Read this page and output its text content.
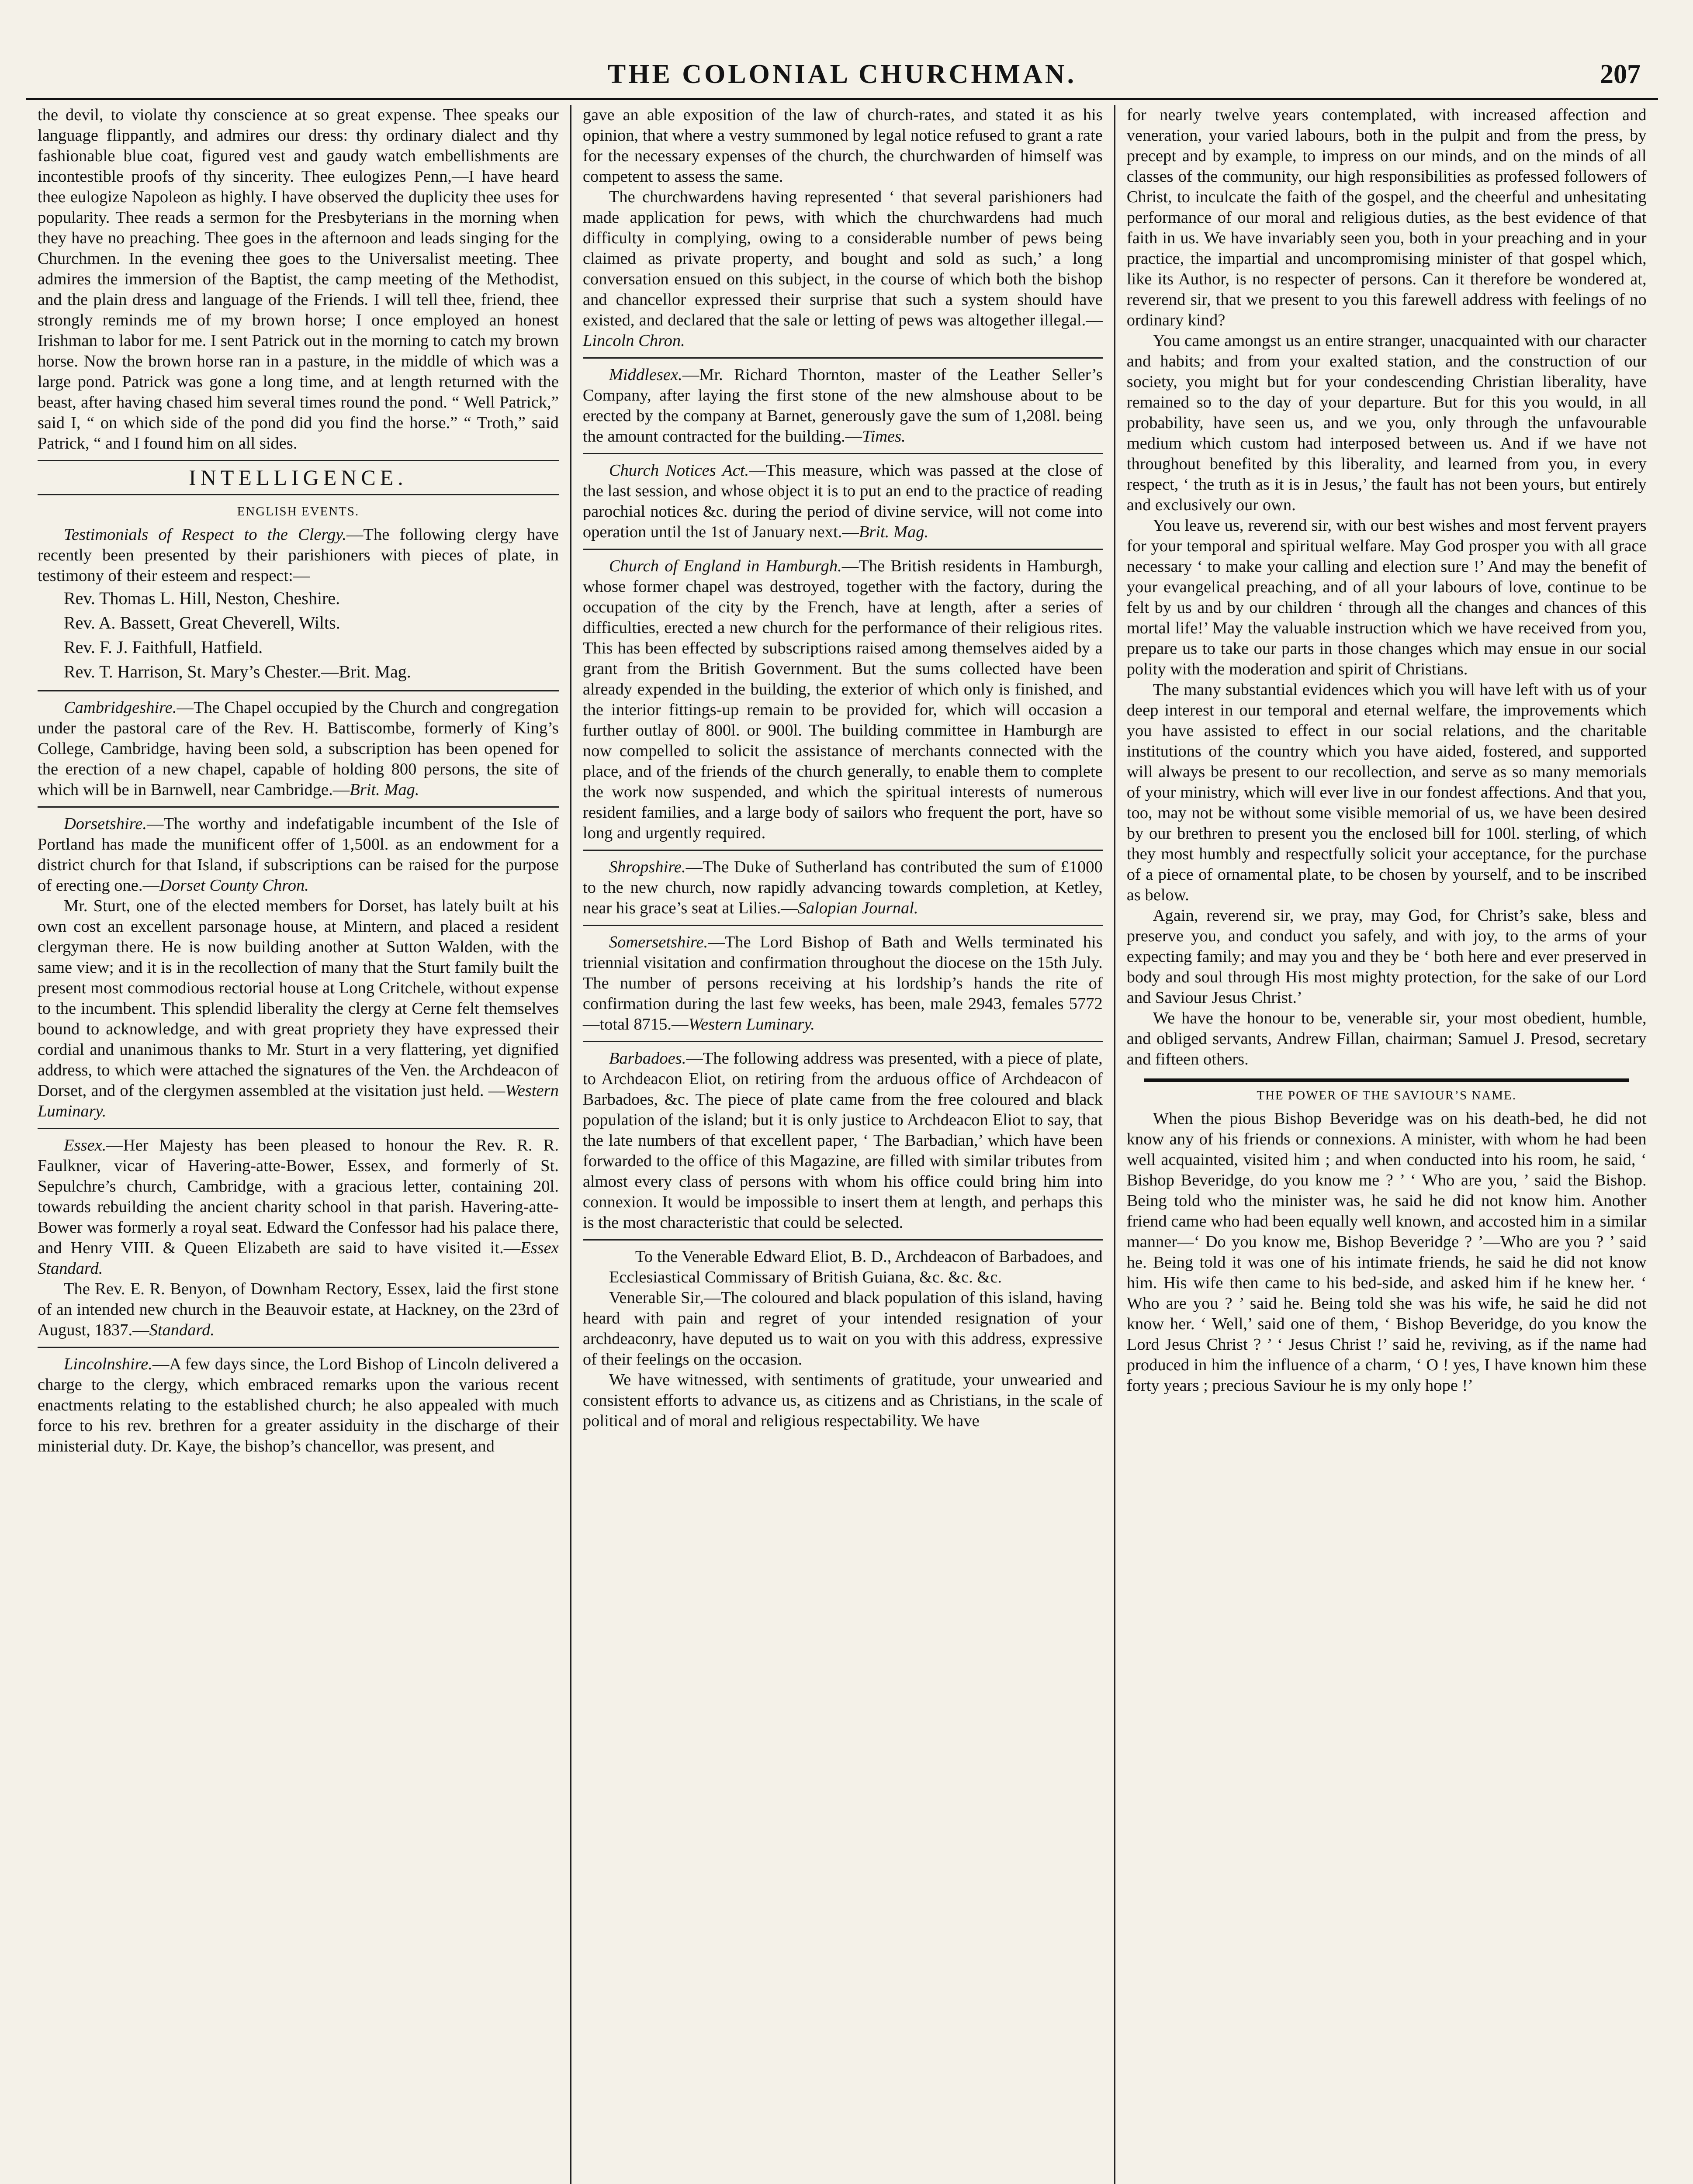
THE COLONIAL CHURCHMAN.	207

the devil, to violate thy conscience at so great expense. Thee speaks our language flippantly, and admires our dress: thy ordinary dialect and thy fashionable blue coat, figured vest and gaudy watch embellishments are incontestible proofs of thy sincerity. Thee eulogizes Penn,—I have heard thee eulogize Napoleon as highly. I have observed the duplicity thee uses for popularity. Thee reads a sermon for the Presbyterians in the morning when they have no preaching. Thee goes in the afternoon and leads singing for the Churchmen. In the evening thee goes to the Universalist meeting. Thee admires the immersion of the Baptist, the camp meeting of the Methodist, and the plain dress and language of the Friends. I will tell thee, friend, thee strongly reminds me of my brown horse; I once employed an honest Irishman to labor for me. I sent Patrick out in the morning to catch my brown horse. Now the brown horse ran in a pasture, in the middle of which was a large pond. Patrick was gone a long time, and at length returned with the beast, after having chased him several times round the pond. “ Well Patrick,” said I, “ on which side of the pond did you find the horse.” “ Troth,” said Patrick, “ and I found him on all sides.

INTELLIGENCE.
ENGLISH EVENTS.

Testimonials of Respect to the Clergy.—The following clergy have recently been presented by their parishioners with pieces of plate, in testimony of their esteem and respect:—

Rev. Thomas L. Hill, Neston, Cheshire.
Rev. A. Bassett, Great Cheverell, Wilts.
Rev. F. J. Faithfull, Hatfield.
Rev. T. Harrison, St. Mary’s Chester.—Brit. Mag.

Cambridgeshire.—The Chapel occupied by the Church and congregation under the pastoral care of the Rev. H. Battiscombe, formerly of King’s College, Cambridge, having been sold, a subscription has been opened for the erection of a new chapel, capable of holding 800 persons, the site of which will be in Barnwell, near Cambridge.—Brit. Mag.

Dorsetshire.—The worthy and indefatigable incumbent of the Isle of Portland has made the munificent offer of 1,500l. as an endowment for a district church for that Island, if subscriptions can be raised for the purpose of erecting one.—Dorset County Chron.

Mr. Sturt, one of the elected members for Dorset, has lately built at his own cost an excellent parsonage house, at Mintern, and placed a resident clergyman there. He is now building another at Sutton Walden, with the same view; and it is in the recollection of many that the Sturt family built the present most commodious rectorial house at Long Critchele, without expense to the incumbent. This splendid liberality the clergy at Cerne felt themselves bound to acknowledge, and with great propriety they have expressed their cordial and unanimous thanks to Mr. Sturt in a very flattering, yet dignified address, to which were attached the signatures of the Ven. the Archdeacon of Dorset, and of the clergymen assembled at the visitation just held. —Western Luminary.

Essex.—Her Majesty has been pleased to honour the Rev. R. R. Faulkner, vicar of Havering-atte-Bower, Essex, and formerly of St. Sepulchre’s church, Cambridge, with a gracious letter, containing 20l. towards rebuilding the ancient charity school in that parish. Havering-atte-Bower was formerly a royal seat. Edward the Confessor had his palace there, and Henry VIII. & Queen Elizabeth are said to have visited it.—Essex Standard.

The Rev. E. R. Benyon, of Downham Rectory, Essex, laid the first stone of an intended new church in the Beauvoir estate, at Hackney, on the 23rd of August, 1837.—Standard.

Lincolnshire.—A few days since, the Lord Bishop of Lincoln delivered a charge to the clergy, which embraced remarks upon the various recent enactments relating to the established church; he also appealed with much force to his rev. brethren for a greater assiduity in the discharge of their ministerial duty. Dr. Kaye, the bishop’s chancellor, was present, and

gave an able exposition of the law of church-rates, and stated it as his opinion, that where a vestry summoned by legal notice refused to grant a rate for the necessary expenses of the church, the churchwarden of himself was competent to assess the same.

The churchwardens having represented ‘ that several parishioners had made application for pews, with which the churchwardens had much difficulty in complying, owing to a considerable number of pews being claimed as private property, and bought and sold as such,’ a long conversation ensued on this subject, in the course of which both the bishop and chancellor expressed their surprise that such a system should have existed, and declared that the sale or letting of pews was altogether illegal.—Lincoln Chron.

Middlesex.—Mr. Richard Thornton, master of the Leather Seller’s Company, after laying the first stone of the new almshouse about to be erected by the company at Barnet, generously gave the sum of 1,208l. being the amount contracted for the building.—Times.

Church Notices Act.—This measure, which was passed at the close of the last session, and whose object it is to put an end to the practice of reading parochial notices &c. during the period of divine service, will not come into operation until the 1st of January next.—Brit. Mag.

Church of England in Hamburgh.—The British residents in Hamburgh, whose former chapel was destroyed, together with the factory, during the occupation of the city by the French, have at length, after a series of difficulties, erected a new church for the performance of their religious rites. This has been effected by subscriptions raised among themselves aided by a grant from the British Government. But the sums collected have been already expended in the building, the exterior of which only is finished, and the interior fittings-up remain to be provided for, which will occasion a further outlay of 800l. or 900l. The building committee in Hamburgh are now compelled to solicit the assistance of merchants connected with the place, and of the friends of the church generally, to enable them to complete the work now suspended, and which the spiritual interests of numerous resident families, and a large body of sailors who frequent the port, have so long and urgently required.

Shropshire.—The Duke of Sutherland has contributed the sum of £1000 to the new church, now rapidly advancing towards completion, at Ketley, near his grace’s seat at Lilies.—Salopian Journal.

Somersetshire.—The Lord Bishop of Bath and Wells terminated his triennial visitation and confirmation throughout the diocese on the 15th July. The number of persons receiving at his lordship’s hands the rite of confirmation during the last few weeks, has been, male 2943, females 5772—total 8715.—Western Luminary.

Barbadoes.—The following address was presented, with a piece of plate, to Archdeacon Eliot, on retiring from the arduous office of Archdeacon of Barbadoes, &c. The piece of plate came from the free coloured and black population of the island; but it is only justice to Archdeacon Eliot to say, that the late numbers of that excellent paper, ‘ The Barbadian,’ which have been forwarded to the office of this Magazine, are filled with similar tributes from almost every class of persons with whom his office could bring him into connexion. It would be impossible to insert them at length, and perhaps this is the most characteristic that could be selected.

To the Venerable Edward Eliot, B. D., Archdeacon of Barbadoes, and Ecclesiastical Commissary of British Guiana, &c. &c. &c.

Venerable Sir,—The coloured and black population of this island, having heard with pain and regret of your intended resignation of your archdeaconry, have deputed us to wait on you with this address, expressive of their feelings on the occasion.

We have witnessed, with sentiments of gratitude, your unwearied and consistent efforts to advance us, as citizens and as Christians, in the scale of political and of moral and religious respectability. We have

for nearly twelve years contemplated, with increased affection and veneration, your varied labours, both in the pulpit and from the press, by precept and by example, to impress on our minds, and on the minds of all classes of the community, our high responsibilities as professed followers of Christ, to inculcate the faith of the gospel, and the cheerful and unhesitating performance of our moral and religious duties, as the best evidence of that faith in us. We have invariably seen you, both in your preaching and in your practice, the impartial and uncompromising minister of that gospel which, like its Author, is no respecter of persons. Can it therefore be wondered at, reverend sir, that we present to you this farewell address with feelings of no ordinary kind?

You came amongst us an entire stranger, unacquainted with our character and habits; and from your exalted station, and the construction of our society, you might but for your condescending Christian liberality, have remained so to the day of your departure. But for this you would, in all probability, have seen us, and we you, only through the unfavourable medium which custom had interposed between us. And if we have not throughout benefited by this liberality, and learned from you, in every respect, ‘ the truth as it is in Jesus,’ the fault has not been yours, but entirely and exclusively our own.

You leave us, reverend sir, with our best wishes and most fervent prayers for your temporal and spiritual welfare. May God prosper you with all grace necessary ‘ to make your calling and election sure !’ And may the benefit of your evangelical preaching, and of all your labours of love, continue to be felt by us and by our children ‘ through all the changes and chances of this mortal life!’ May the valuable instruction which we have received from you, prepare us to take our parts in those changes which may ensue in our social polity with the moderation and spirit of Christians.

The many substantial evidences which you will have left with us of your deep interest in our temporal and eternal welfare, the improvements which you have assisted to effect in our social relations, and the charitable institutions of the country which you have aided, fostered, and supported will always be present to our recollection, and serve as so many memorials of your ministry, which will ever live in our fondest affections. And that you, too, may not be without some visible memorial of us, we have been desired by our brethren to present you the enclosed bill for 100l. sterling, of which they most humbly and respectfully solicit your acceptance, for the purchase of a piece of ornamental plate, to be chosen by yourself, and to be inscribed as below.

Again, reverend sir, we pray, may God, for Christ’s sake, bless and preserve you, and conduct you safely, and with joy, to the arms of your expecting family; and may you and they be ‘ both here and ever preserved in body and soul through His most mighty protection, for the sake of our Lord and Saviour Jesus Christ.’

We have the honour to be, venerable sir, your most obedient, humble, and obliged servants, Andrew Fillan, chairman; Samuel J. Presod, secretary and fifteen others.

THE POWER OF THE SAVIOUR’S NAME.

When the pious Bishop Beveridge was on his death-bed, he did not know any of his friends or connexions. A minister, with whom he had been well acquainted, visited him ; and when conducted into his room, he said, ‘ Bishop Beveridge, do you know me ? ’ ‘ Who are you, ’ said the Bishop. Being told who the minister was, he said he did not know him. Another friend came who had been equally well known, and accosted him in a similar manner—‘ Do you know me, Bishop Beveridge ? ’—Who are you ? ’ said he. Being told it was one of his intimate friends, he said he did not know him. His wife then came to his bed-side, and asked him if he knew her. ‘ Who are you ? ’ said he. Being told she was his wife, he said he did not know her. ‘ Well,’ said one of them, ‘ Bishop Beveridge, do you know the Lord Jesus Christ ? ’ ‘ Jesus Christ !’ said he, reviving, as if the name had produced in him the influence of a charm, ‘ O ! yes, I have known him these forty years ; precious Saviour he is my only hope !’
